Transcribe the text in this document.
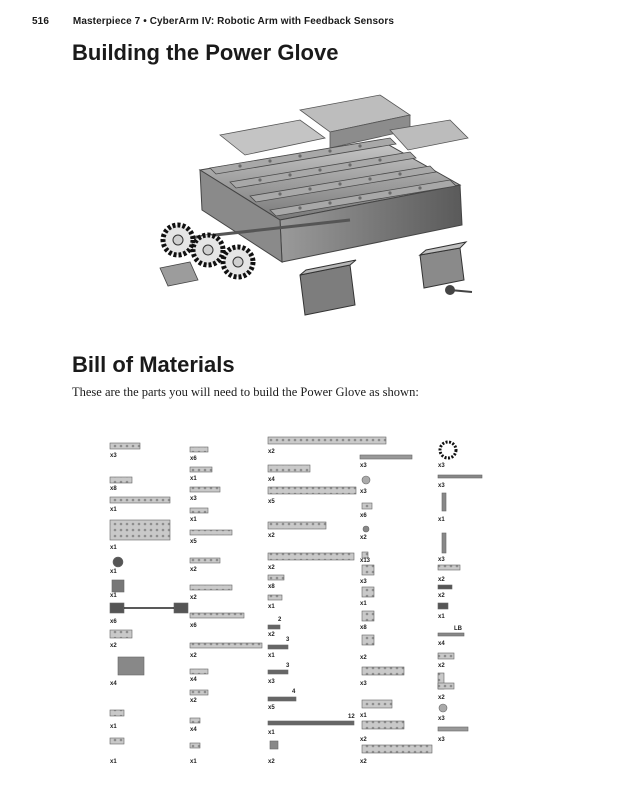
516 Masterpiece 7 • CyberArm IV: Robotic Arm with Feedback Sensors
Building the Power Glove
Bill of Materials
These are the parts you will need to build the Power Glove as shown:
x3
x8
x1
x1
x1
x1
x6
x2
x4
x1
x1
x6
x1
x3
x1
x5
x2
x2
x6
x2
x4
x2
x4
x1
x2
x4
x5
x2
x2
x8
x1
x2
x1
x3
x5
x1
x2
2
3
3
4
12
x3
x3
x6
x2
x13
x3
x1
x8
x2
x3
x1
x2
x2
x3
x3
x1
x3
x2
x2
x1
x4
x2
x2
x3
x3
LB
